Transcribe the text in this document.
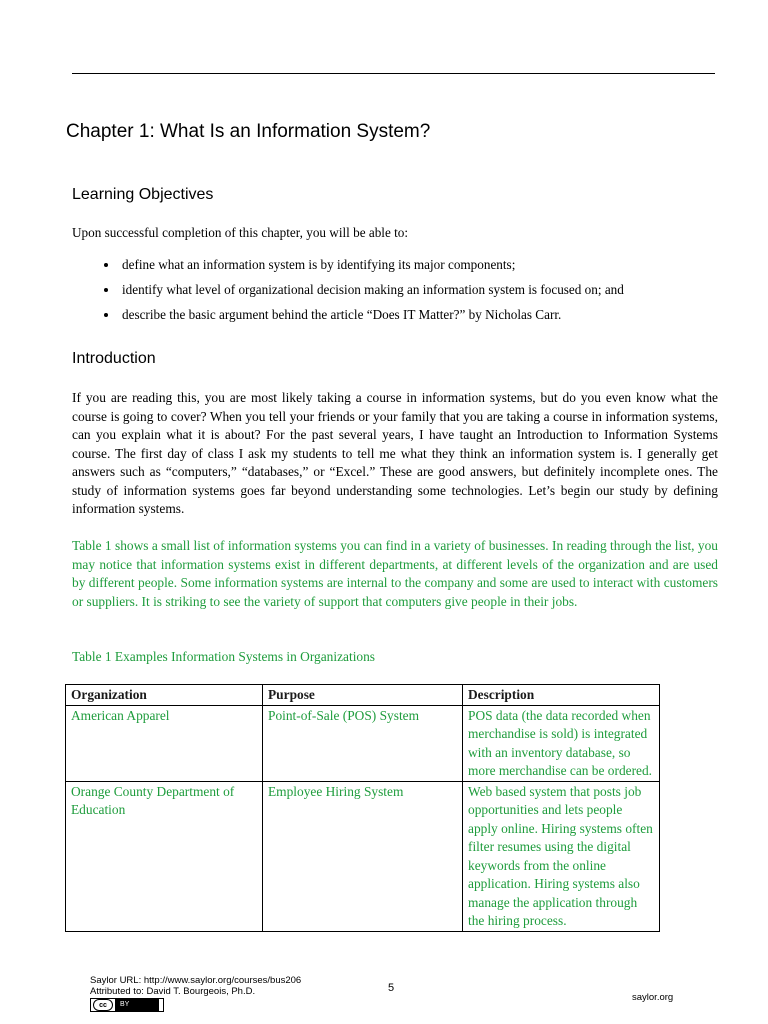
Chapter 1: What Is an Information System?
Learning Objectives

Upon successful completion of this chapter, you will be able to:

define what an information system is by identifying its major components;
identify what level of organizational decision making an information system is focused on; and
describe the basic argument behind the article “Does IT Matter?” by Nicholas Carr.
Introduction

If you are reading this, you are most likely taking a course in information systems, but do you even know what the course is going to cover? When you tell your friends or your family that you are taking a course in information systems, can you explain what it is about? For the past several years, I have taught an Introduction to Information Systems course. The first day of class I ask my students to tell me what they think an information system is. I generally get answers such as “computers,” “databases,” or “Excel.” These are good answers, but definitely incomplete ones. The study of information systems goes far beyond understanding some technologies. Let’s begin our study by defining information systems.

Table 1 shows a small list of information systems you can find in a variety of businesses. In reading through the list, you may notice that information systems exist in different departments, at different levels of the organization and are used by different people. Some information systems are internal to the company and some are used to interact with customers or suppliers. It is striking to see the variety of support that computers give people in their jobs.

Table 1 Examples Information Systems in Organizations

Organization	Purpose	Description
American Apparel	Point-of-Sale (POS) System	POS data (the data recorded when merchandise is sold) is integrated with an inventory database, so more merchandise can be ordered.
Orange County Department of Education	Employee Hiring System	Web based system that posts job opportunities and lets people apply online. Hiring systems often filter resumes using the digital keywords from the online application. Hiring systems also manage the application through the hiring process.
Saylor URL: http://www.saylor.org/courses/bus206
Attributed to: David T. Bourgeois, Ph.D.	5
saylor.org
cc	BY
